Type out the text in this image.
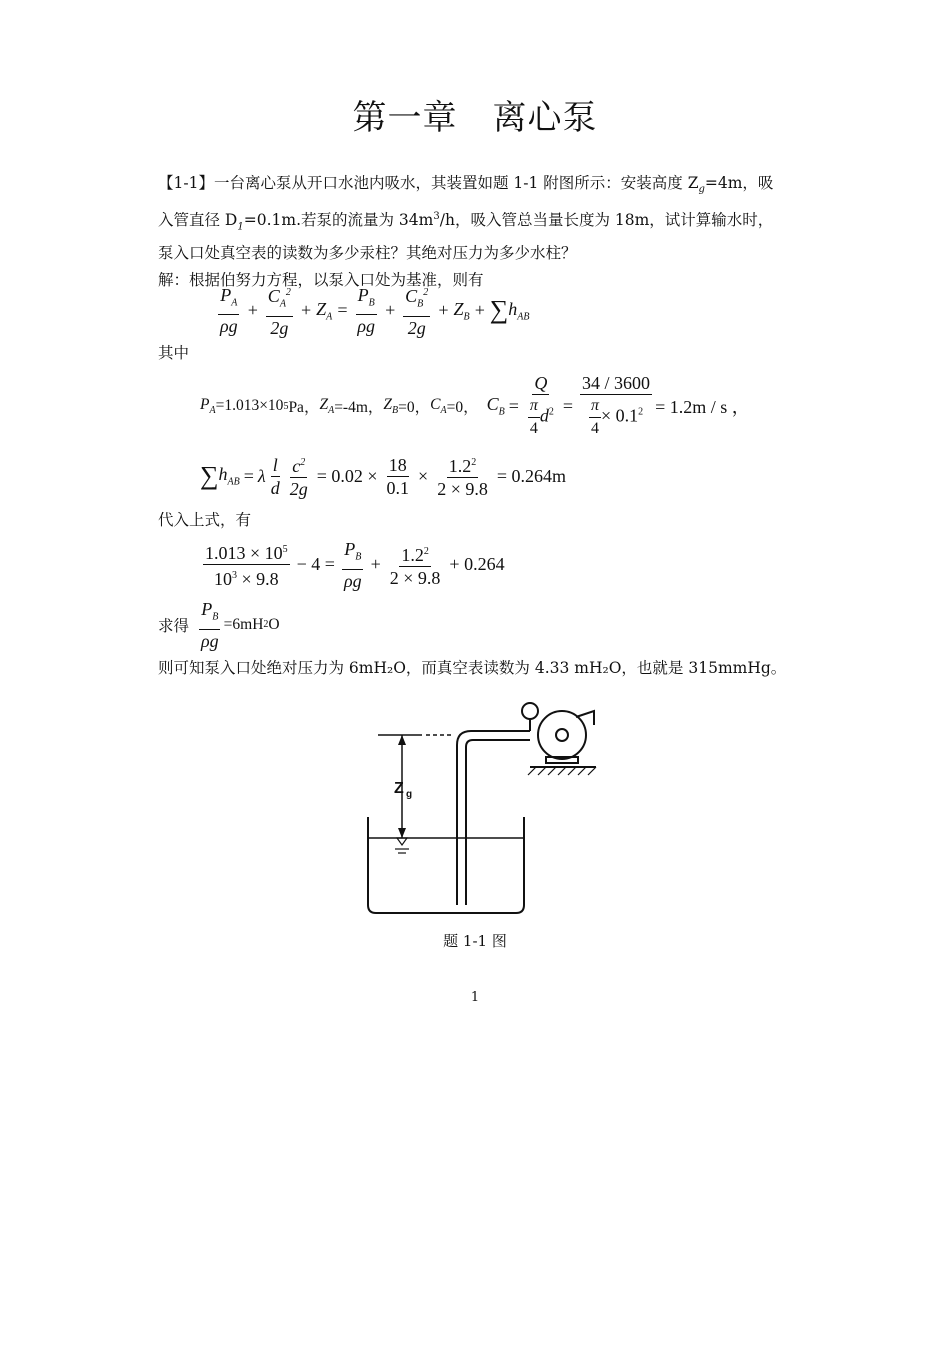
第一章　离心泵
【1-1】一台离心泵从开口水池内吸水，其装置如题 1-1 附图所示：安装高度 $Z_g=4m$，吸
入管直径 $D_1=0.1m$.若泵的流量为 $34m^3/h$，吸入管总当量长度为 18m，试计算输水时，
泵入口处真空表的读数为多少汞柱？其绝对压力为多少水柱？
解：根据伯努力方程，以泵入口处为基准，则有
$\frac{P_A}{\rho g} + \frac{C_A^2}{2g} + Z_A = \frac{P_B}{\rho g} + \frac{C_B^2}{2g} + Z_B$ + ∑ $h_{AB}$
其中
$P_A =1.013\times 10$ 5 Pa， $Z_A =-4m$， $Z_B =0$， $C_A =0$， $C_B = \frac{Q}{\frac{\pi}{4} d^2} = \frac{34 / 3600}{\frac{\pi}{4} \times 0.1^2} = 1.2m / s$ ，
∑ $h_{AB} = \lambda \frac{l}{d} \frac{c^2}{2g} = 0.02 \times \frac{18}{0.1} \times \frac{1.2^2}{2 \times 9.8} = 0.264m$
代入上式，有
$\frac{1.013 \times 10^5}{10^3 \times 9.8} - 4 = \frac{P_B}{\rho g} + \frac{1.2^2}{2 \times 9.8} + 0.264$
求得 $\frac{P_B}{\rho g} =6mH$ 2 O
则可知泵入口处绝对压力为 6mH₂O，而真空表读数为 4.33 mH₂O，也就是 315mmHg。
Z g
题 1-1 图
1
